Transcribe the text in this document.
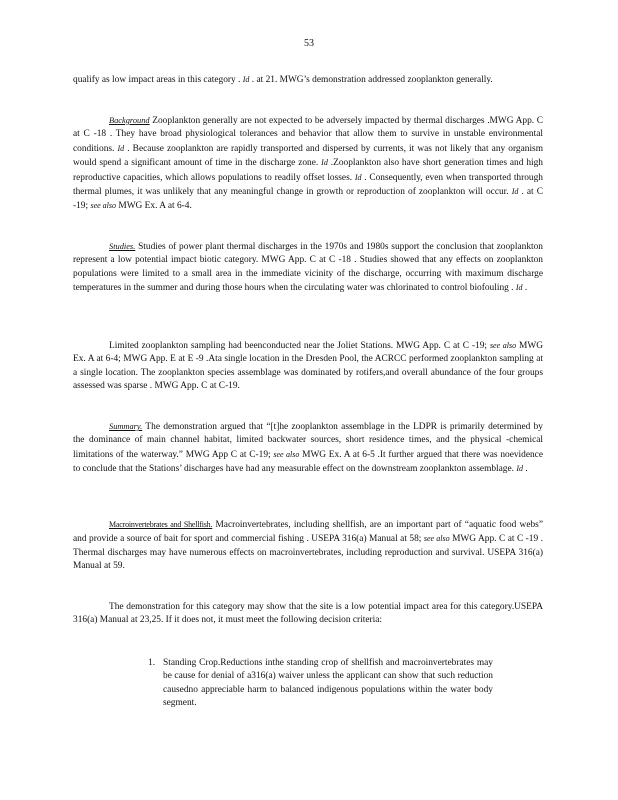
53

qualify as low impact areas in this category . Id . at 21. MWG’s demonstration addressed zooplankton generally.

Background Zooplankton generally are not expected to be adversely impacted by thermal discharges .MWG App. C at C -18 . They have broad physiological tolerances and behavior that allow them to survive in unstable environmental conditions. Id . Because zooplankton are rapidly transported and dispersed by currents, it was not likely that any organism would spend a significant amount of time in the discharge zone. Id .Zooplankton also have short generation times and high reproductive capacities, which allows populations to readily offset losses. Id . Consequently, even when transported through thermal plumes, it was unlikely that any meaningful change in growth or reproduction of zooplankton will occur. Id . at C -19; see also MWG Ex. A at 6-4.

Studies. Studies of power plant thermal discharges in the 1970s and 1980s support the conclusion that zooplankton represent a low potential impact biotic category. MWG App. C at C -18 . Studies showed that any effects on zooplankton populations were limited to a small area in the immediate vicinity of the discharge, occurring with maximum discharge temperatures in the summer and during those hours when the circulating water was chlorinated to control biofouling . Id .

Limited zooplankton sampling had beenconducted near the Joliet Stations. MWG App. C at C -19; see also MWG Ex. A at 6-4; MWG App. E at E -9 .Ata single location in the Dresden Pool, the ACRCC performed zooplankton sampling at a single location. The zooplankton species assemblage was dominated by rotifers,and overall abundance of the four groups assessed was sparse . MWG App. C at C-19.

Summary. The demonstration argued that “[t]he zooplankton assemblage in the LDPR is primarily determined by the dominance of main channel habitat, limited backwater sources, short residence times, and the physical -chemical limitations of the waterway.” MWG App C at C-19; see also MWG Ex. A at 6-5 .It further argued that there was noevidence to conclude that the Stations’ discharges have had any measurable effect on the downstream zooplankton assemblage. Id .

Macroinvertebrates and Shellfish. Macroinvertebrates, including shellfish, are an important part of “aquatic food webs” and provide a source of bait for sport and commercial fishing . USEPA 316(a) Manual at 58; see also MWG App. C at C -19 . Thermal discharges may have numerous effects on macroinvertebrates, including reproduction and survival. USEPA 316(a) Manual at 59.

The demonstration for this category may show that the site is a low potential impact area for this category.USEPA 316(a) Manual at 23,25. If it does not, it must meet the following decision criteria:

1. Standing Crop.Reductions inthe standing crop of shellfish and macroinvertebrates may be cause for denial of a316(a) waiver unless the applicant can show that such reduction causedno appreciable harm to balanced indigenous populations within the water body segment.
